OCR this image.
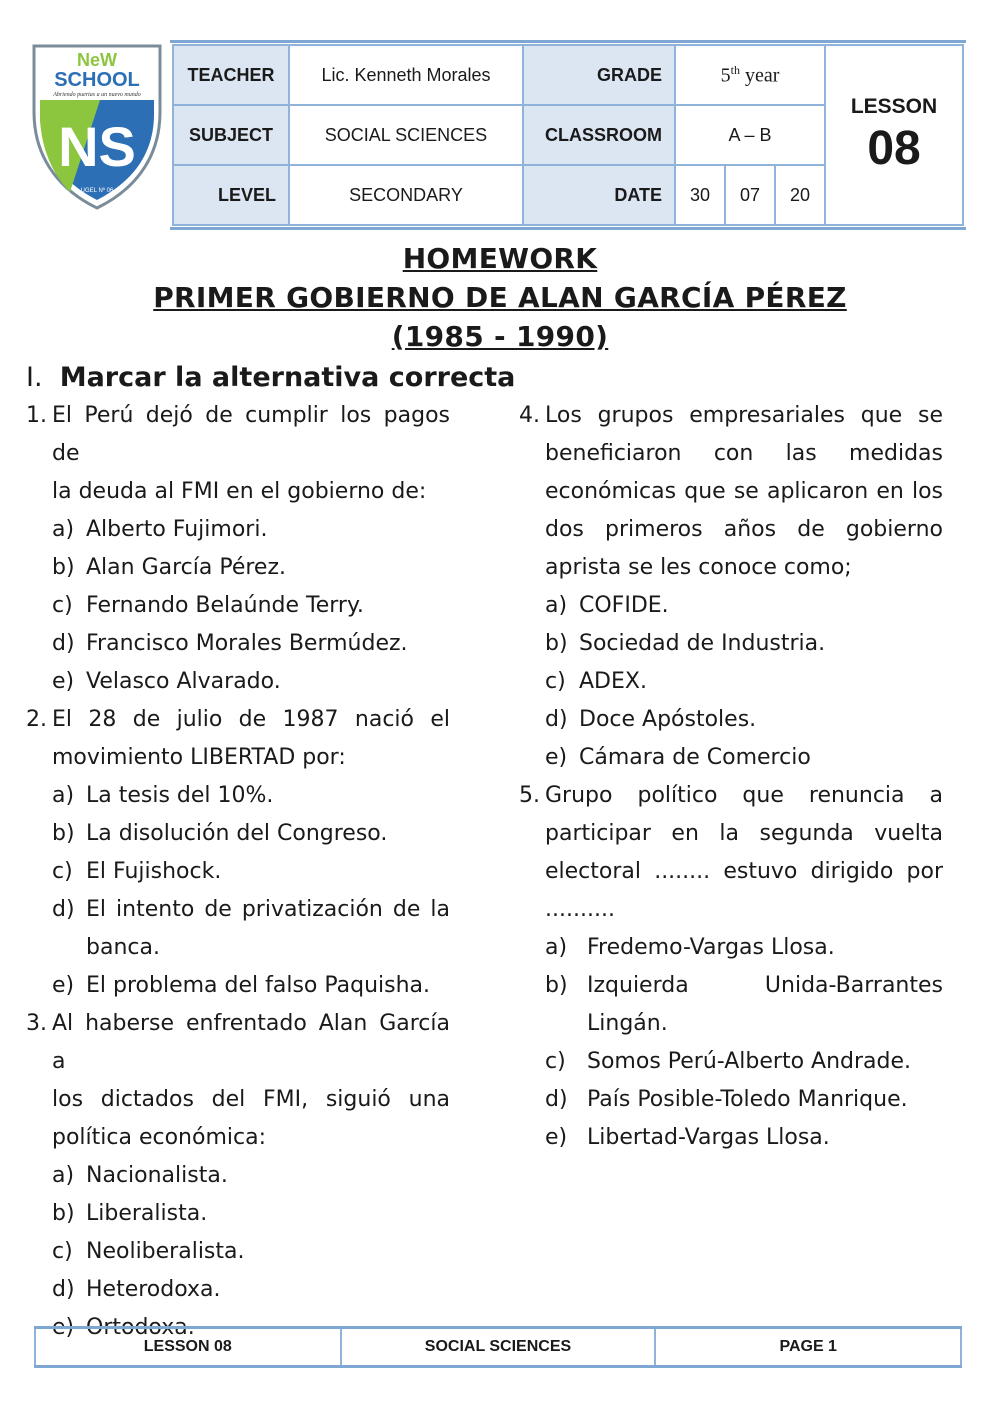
NeW
SCHOOL
Abriendo puertas a un nuevo mundo
NS
UGEL Nº 06
TEACHER	Lic. Kenneth Morales	GRADE	5th year			LESSON
08

SUBJECT	SOCIAL SCIENCES	CLASSROOM	A – B			
LEVEL	SECONDARY	DATE	30	07	20	
HOMEWORK
PRIMER GOBIERNO DE ALAN GARCÍA PÉREZ
(1985 - 1990)
I. Marcar la alternativa correcta
1. El Perú dejó de cumplir los pagos de

la deuda al FMI en el gobierno de:

a) Alberto Fujimori.
b) Alan García Pérez.
c) Fernando Belaúnde Terry.
d) Francisco Morales Bermúdez.
e) Velasco Alvarado.
2. El 28 de julio de 1987 nació el

movimiento LIBERTAD por:

a) La tesis del 10%.
b) La disolución del Congreso.
c) El Fujishock.
d) El intento de privatización de la

banca.

e) El problema del falso Paquisha.
3. Al haberse enfrentado Alan García a

los dictados del FMI, siguió una

política económica:

a) Nacionalista.
b) Liberalista.
c) Neoliberalista.
d) Heterodoxa.
e) Ortodoxa.
4. Los grupos empresariales que se

beneficiaron con las medidas

económicas que se aplicaron en los

dos primeros años de gobierno

aprista se les conoce como;

a) COFIDE.
b) Sociedad de Industria.
c) ADEX.
d) Doce Apóstoles.
e) Cámara de Comercio
5. Grupo político que renuncia a

participar en la segunda vuelta

electoral ........ estuvo dirigido por

..........

a) Fredemo-Vargas Llosa.
b) Izquierda Unida-Barrantes

Lingán.

c) Somos Perú-Alberto Andrade.
d) País Posible-Toledo Manrique.
e) Libertad-Vargas Llosa.
LESSON 08	SOCIAL SCIENCES	PAGE 1
